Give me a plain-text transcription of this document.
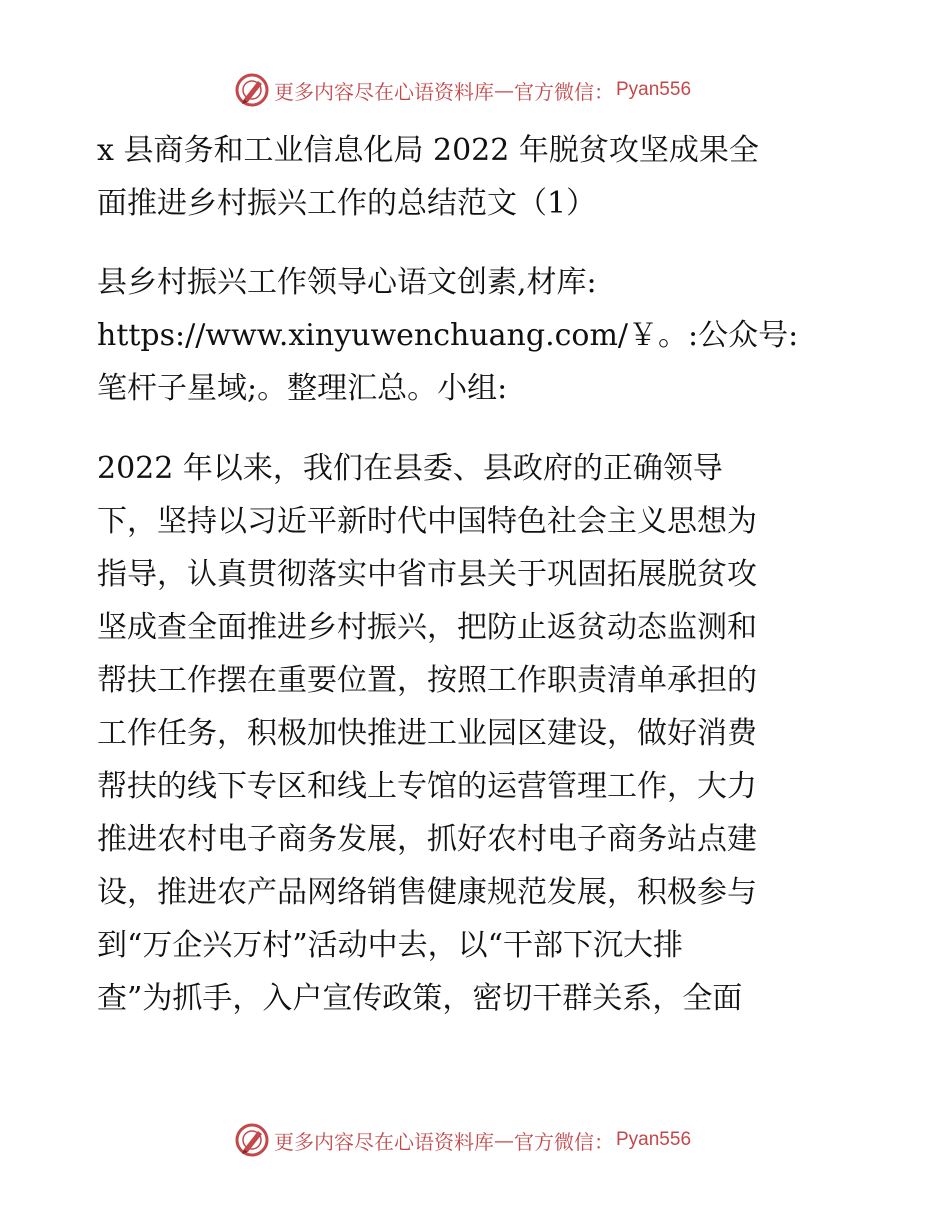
更多内容尽在心语资料库 — 官方微信： Pyan556
x 县商务和工业信息化局 2022 年脱贫攻坚成果全
面推进乡村振兴工作的总结范文（1）
县乡村振兴工作领导心语文创素,材库:
https://www.xinyuwenchuang.com/￥。:公众号:
笔杆子星域;。整理汇总。小组:
2022 年以来，我们在县委、县政府的正确领导
下，坚持以习近平新时代中国特色社会主义思想为
指导，认真贯彻落实中省市县关于巩固拓展脱贫攻
坚成查全面推进乡村振兴，把防止返贫动态监测和
帮扶工作摆在重要位置，按照工作职责清单承担的
工作任务，积极加快推进工业园区建设，做好消费
帮扶的线下专区和线上专馆的运营管理工作，大力
推进农村电子商务发展，抓好农村电子商务站点建
设，推进农产品网络销售健康规范发展，积极参与
到“万企兴万村”活动中去，以“干部下沉大排
查”为抓手，入户宣传政策，密切干群关系，全面
更多内容尽在心语资料库 — 官方微信： Pyan556
